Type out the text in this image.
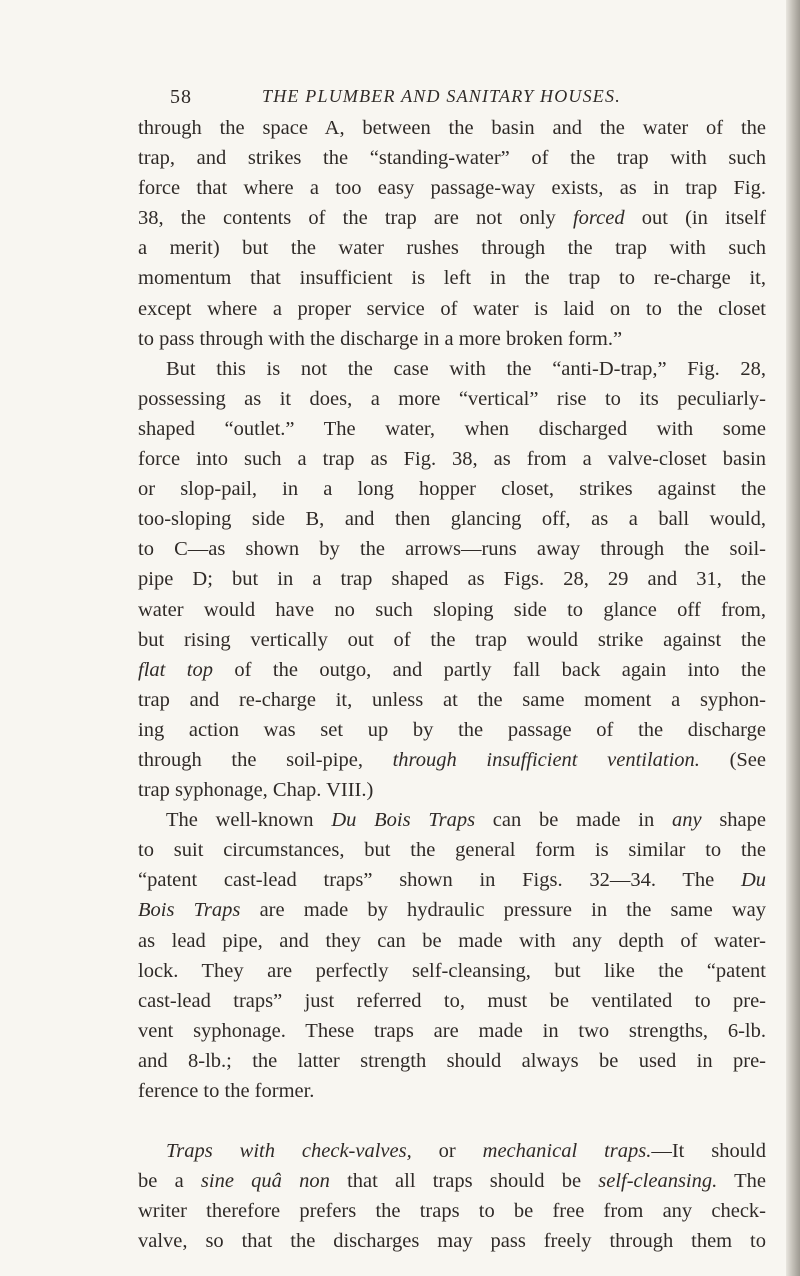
58	THE PLUMBER AND SANITARY HOUSES.
through the space A, between the basin and the water of the
trap, and strikes the “standing-water” of the trap with such
force that where a too easy passage-way exists, as in trap Fig.
38, the contents of the trap are not only forced out (in itself
a merit) but the water rushes through the trap with such
momentum that insufficient is left in the trap to re-charge it,
except where a proper service of water is laid on to the closet
to pass through with the discharge in a more broken form.”
But this is not the case with the “anti-D-trap,” Fig. 28,
possessing as it does, a more “vertical” rise to its peculiarly-
shaped “outlet.” The water, when discharged with some
force into such a trap as Fig. 38, as from a valve-closet basin
or slop-pail, in a long hopper closet, strikes against the
too-sloping side B, and then glancing off, as a ball would,
to C—as shown by the arrows—runs away through the soil-
pipe D; but in a trap shaped as Figs. 28, 29 and 31, the
water would have no such sloping side to glance off from,
but rising vertically out of the trap would strike against the
flat top of the outgo, and partly fall back again into the
trap and re-charge it, unless at the same moment a syphon-
ing action was set up by the passage of the discharge
through the soil-pipe, through insufficient ventilation. (See
trap syphonage, Chap. VIII.)
The well-known Du Bois Traps can be made in any shape
to suit circumstances, but the general form is similar to the
“patent cast-lead traps” shown in Figs. 32—34. The Du
Bois Traps are made by hydraulic pressure in the same way
as lead pipe, and they can be made with any depth of water-
lock. They are perfectly self-cleansing, but like the “patent
cast-lead traps” just referred to, must be ventilated to pre-
vent syphonage. These traps are made in two strengths, 6-lb.
and 8-lb.; the latter strength should always be used in pre-
ference to the former.
Traps with check-valves, or mechanical traps.—It should
be a sine quâ non that all traps should be self-cleansing. The
writer therefore prefers the traps to be free from any check-
valve, so that the discharges may pass freely through them to
